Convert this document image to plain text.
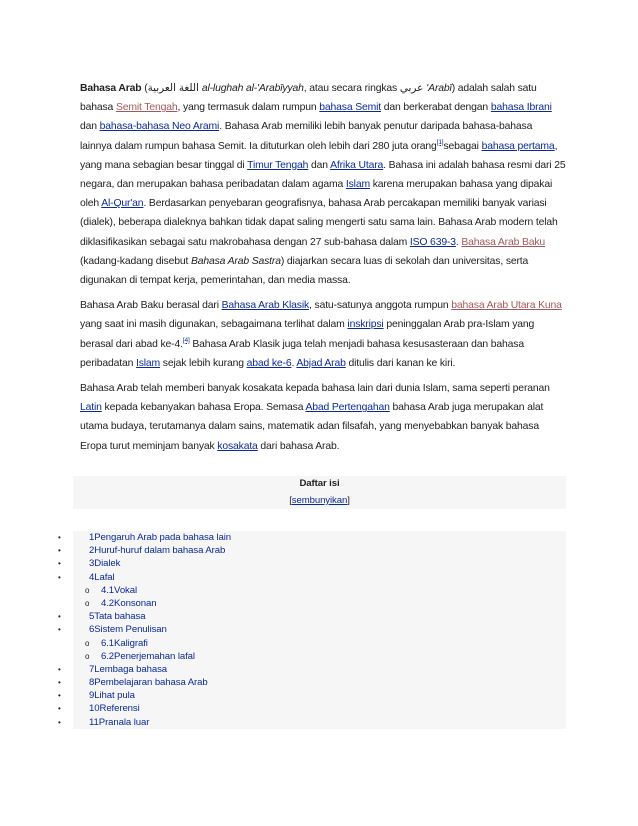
Bahasa Arab (اللغة العربية al-lughah al-'Arabīyyah, atau secara ringkas عربي 'Arabī) adalah salah satu bahasa Semit Tengah, yang termasuk dalam rumpun bahasa Semit dan berkerabat dengan bahasa Ibrani dan bahasa-bahasa Neo Arami. Bahasa Arab memiliki lebih banyak penutur daripada bahasa-bahasa lainnya dalam rumpun bahasa Semit. Ia dituturkan oleh lebih dari 280 juta orang[1]sebagai bahasa pertama, yang mana sebagian besar tinggal di Timur Tengah dan Afrika Utara. Bahasa ini adalah bahasa resmi dari 25 negara, dan merupakan bahasa peribadatan dalam agama Islam karena merupakan bahasa yang dipakai oleh Al-Qur'an. Berdasarkan penyebaran geografisnya, bahasa Arab percakapan memiliki banyak variasi (dialek), beberapa dialeknya bahkan tidak dapat saling mengerti satu sama lain. Bahasa Arab modern telah diklasifikasikan sebagai satu makrobahasa dengan 27 sub-bahasa dalam ISO 639-3. Bahasa Arab Baku (kadang-kadang disebut Bahasa Arab Sastra) diajarkan secara luas di sekolah dan universitas, serta digunakan di tempat kerja, pemerintahan, dan media massa.

Bahasa Arab Baku berasal dari Bahasa Arab Klasik, satu-satunya anggota rumpun bahasa Arab Utara Kuna yang saat ini masih digunakan, sebagaimana terlihat dalam inskripsi peninggalan Arab pra-Islam yang berasal dari abad ke-4.[4] Bahasa Arab Klasik juga telah menjadi bahasa kesusasteraan dan bahasa peribadatan Islam sejak lebih kurang abad ke-6. Abjad Arab ditulis dari kanan ke kiri.

Bahasa Arab telah memberi banyak kosakata kepada bahasa lain dari dunia Islam, sama seperti peranan Latin kepada kebanyakan bahasa Eropa. Semasa Abad Pertengahan bahasa Arab juga merupakan alat utama budaya, terutamanya dalam sains, matematik adan filsafah, yang menyebabkan banyak bahasa Eropa turut meminjam banyak kosakata dari bahasa Arab.

Daftar isi
[sembunyikan]
•	1Pengaruh Arab pada bahasa lain
•	2Huruf-huruf dalam bahasa Arab
•	3Dialek
•	4Lafal
o 4.1Vokal
o 4.2Konsonan
•	5Tata bahasa
•	6Sistem Penulisan
o 6.1Kaligrafi
o 6.2Penerjemahan lafal
•	7Lembaga bahasa
•	8Pembelajaran bahasa Arab
•	9Lihat pula
•	10Referensi
•	11Pranala luar
